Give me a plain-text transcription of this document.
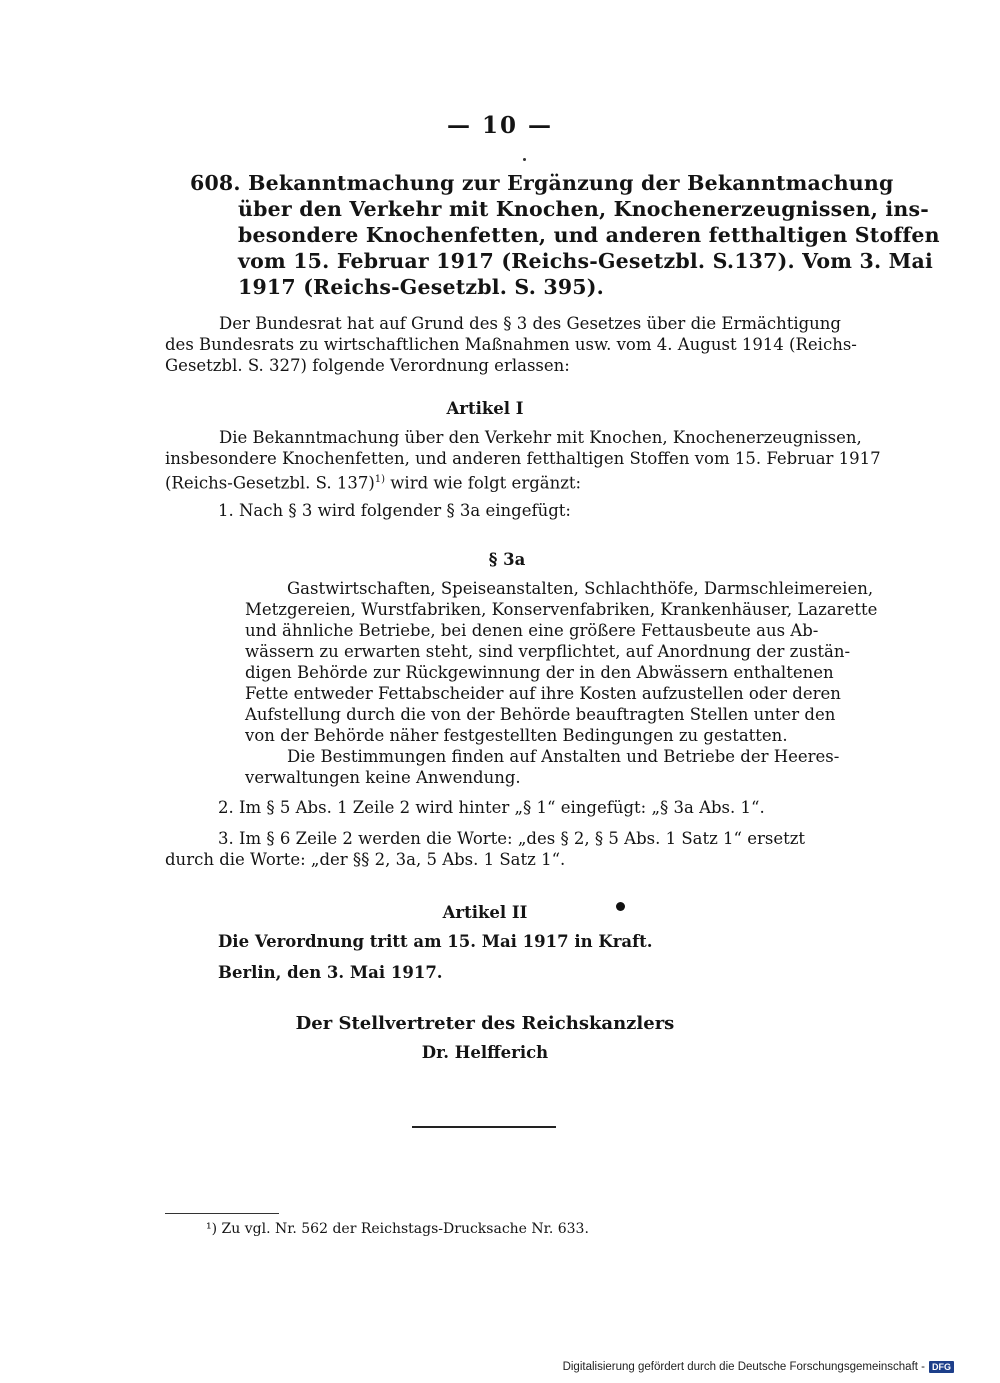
— 10 —
608. Bekanntmachung zur Ergänzung der Bekanntmachung
über den Verkehr mit Knochen, Knochenerzeugnissen, ins-
besondere Knochenfetten, und anderen fetthaltigen Stoffen
vom 15. Februar 1917 (Reichs-Gesetzbl. S.137). Vom 3. Mai
1917 (Reichs-Gesetzbl. S. 395).
Der Bundesrat hat auf Grund des § 3 des Gesetzes über die Ermächtigung
des Bundesrats zu wirtschaftlichen Maßnahmen usw. vom 4. August 1914 (Reichs-
Gesetzbl. S. 327) folgende Verordnung erlassen:
Artikel I
Die Bekanntmachung über den Verkehr mit Knochen, Knochenerzeugnissen,
insbesondere Knochenfetten, und anderen fetthaltigen Stoffen vom 15. Februar 1917
(Reichs-Gesetzbl. S. 137)$^{1)}$ wird wie folgt ergänzt:
1. Nach § 3 wird folgender § 3a eingefügt:
§ 3a
Gastwirtschaften, Speiseanstalten, Schlachthöfe, Darmschleimereien,
Metzgereien, Wurstfabriken, Konservenfabriken, Krankenhäuser, Lazarette
und ähnliche Betriebe, bei denen eine größere Fettausbeute aus Ab-
wässern zu erwarten steht, sind verpflichtet, auf Anordnung der zustän-
digen Behörde zur Rückgewinnung der in den Abwässern enthaltenen
Fette entweder Fettabscheider auf ihre Kosten aufzustellen oder deren
Aufstellung durch die von der Behörde beauftragten Stellen unter den
von der Behörde näher festgestellten Bedingungen zu gestatten.
Die Bestimmungen finden auf Anstalten und Betriebe der Heeres-
verwaltungen keine Anwendung.
2. Im § 5 Abs. 1 Zeile 2 wird hinter „§ 1“ eingefügt: „§ 3a Abs. 1“.
3. Im § 6 Zeile 2 werden die Worte: „des § 2, § 5 Abs. 1 Satz 1“ ersetzt
durch die Worte: „der §§ 2, 3a, 5 Abs. 1 Satz 1“.
Artikel II
Die Verordnung tritt am 15. Mai 1917 in Kraft.
Berlin, den 3. Mai 1917.
Der Stellvertreter des Reichskanzlers
Dr. Helfferich
¹) Zu vgl. Nr. 562 der Reichstags-Drucksache Nr. 633.
Digitalisierung gefördert durch die Deutsche Forschungsgemeinschaft - DFG
